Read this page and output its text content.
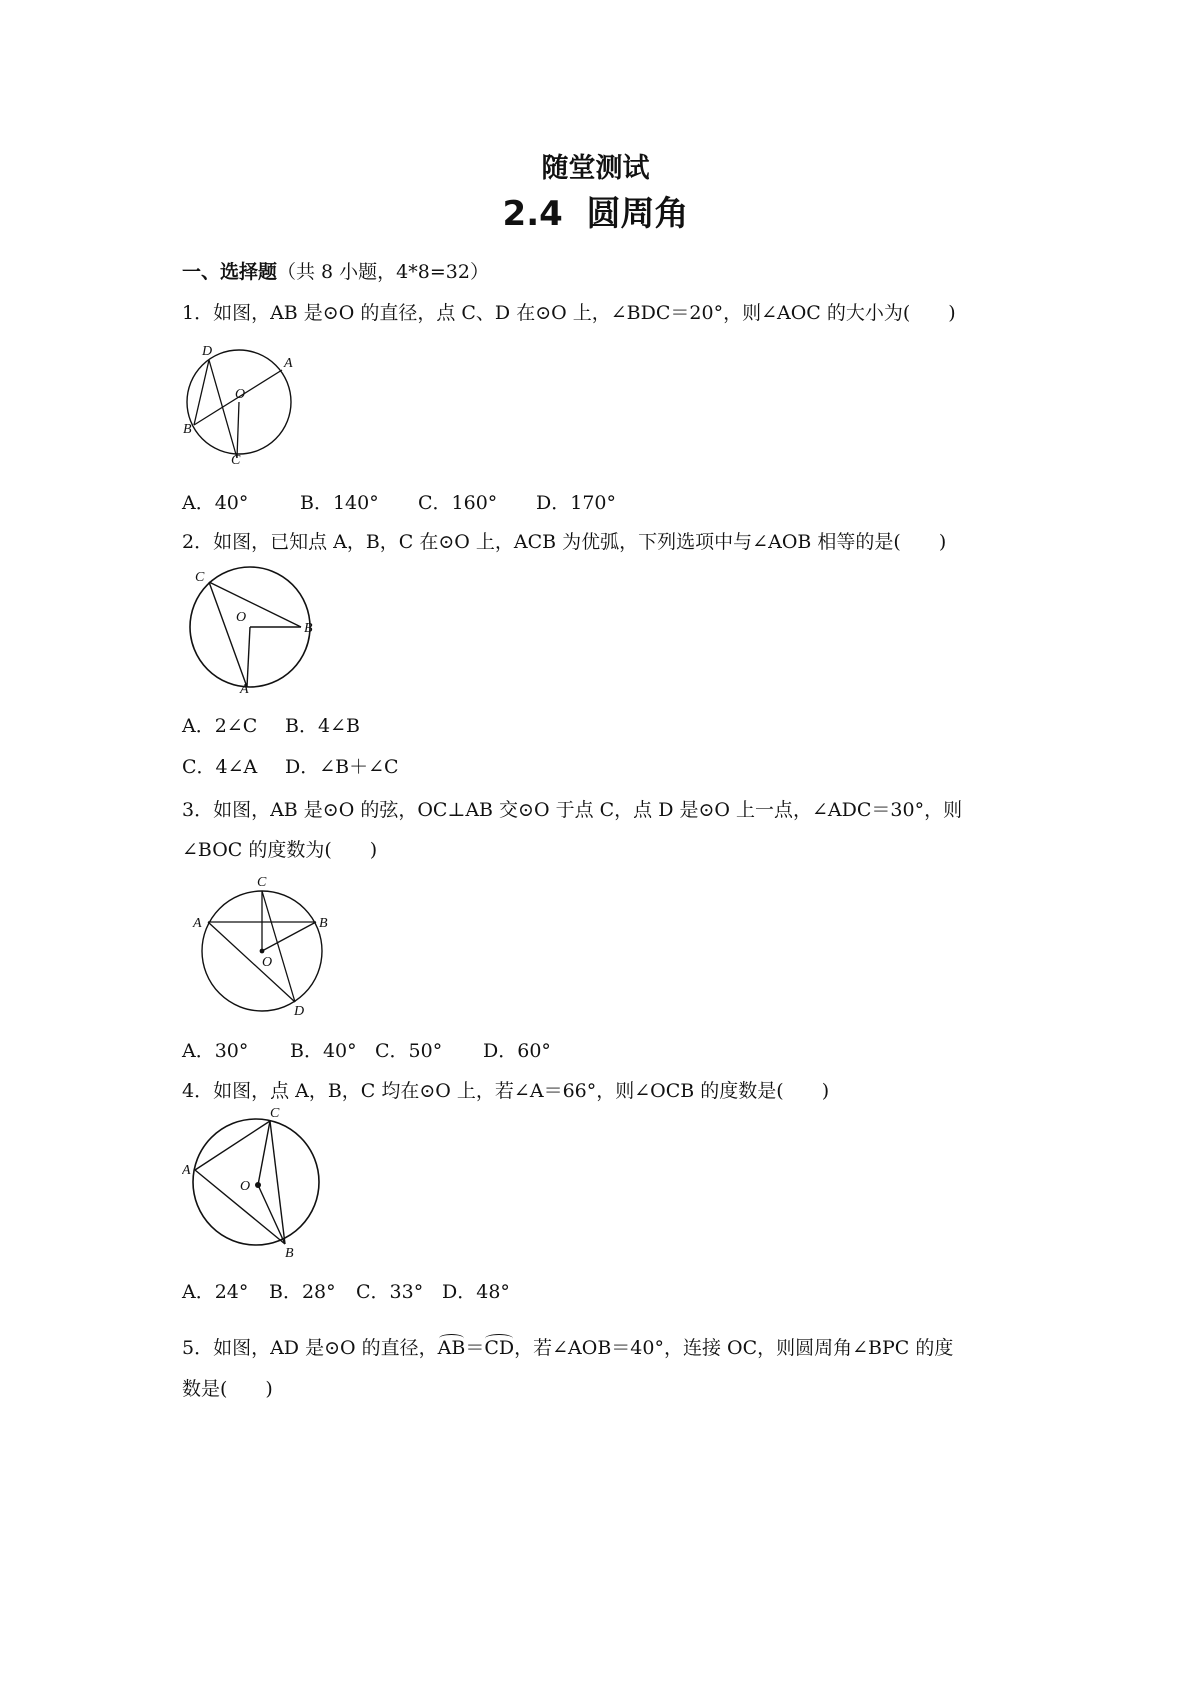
随堂测试
2.4 圆周角
一、选择题（共 8 小题，4*8=32）
1．如图，AB 是⊙O 的直径，点 C、D 在⊙O 上，∠BDC＝20°，则∠AOC 的大小为(　　)
D
A
O
B
C
A．40°	B．140° C．160° D．170°
2．如图，已知点 A，B，C 在⊙O 上，ACB 为优弧，下列选项中与∠AOB 相等的是(　　)
C
O
B
A
A．2∠C B．4∠B
C．4∠A D．∠B＋∠C
3．如图，AB 是⊙O 的弦，OC⊥AB 交⊙O 于点 C，点 D 是⊙O 上一点，∠ADC＝30°，则
∠BOC 的度数为(　　)
C
A	B
O
D
A．30° B．40° C．50° D．60°
4．如图，点 A，B，C 均在⊙O 上，若∠A＝66°，则∠OCB 的度数是(　　)
C
A
O
B
A．24° B．28° C．33° D．48°
5．如图，AD 是⊙O 的直径，AB＝CD，若∠AOB＝40°，连接 OC，则圆周角∠BPC 的度
数是(　　)
